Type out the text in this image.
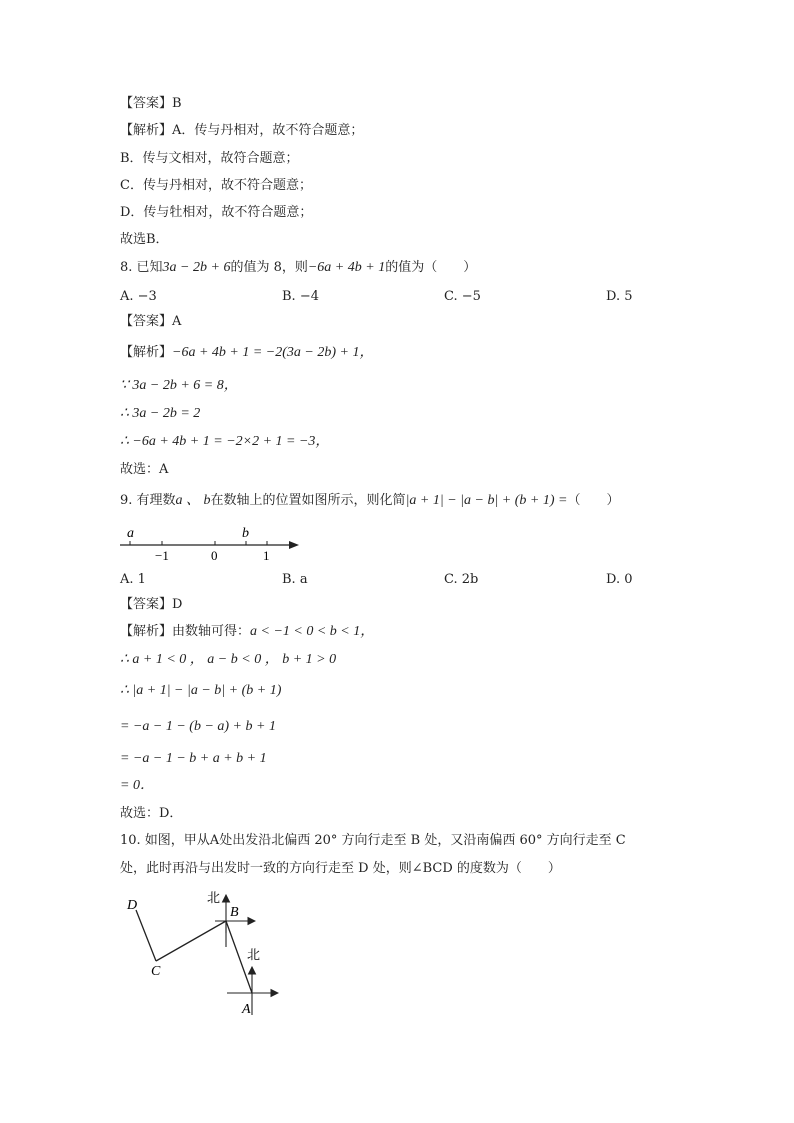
【答案】B
【解析】A．传与丹相对，故不符合题意；
B．传与文相对，故符合题意；
C．传与丹相对，故不符合题意；
D．传与牡相对，故不符合题意；
故选B．
8. 已知3a − 2b + 6的值为 8，则−6a + 4b + 1的值为（　　）
A. −3	B. −4	C. −5	D. 5
【答案】A
【解析】−6a + 4b + 1 = −2(3a − 2b) + 1，
∵ 3a − 2b + 6 = 8，
∴ 3a − 2b = 2
∴ −6a + 4b + 1 = −2×2 + 1 = −3，
故选：A
9. 有理数a 、 b在数轴上的位置如图所示，则化简|a + 1| − |a − b| + (b + 1) =（　　）
a	b
−1	0	1
A. 1	B. a	C. 2b	D. 0
【答案】D
【解析】由数轴可得：a < −1 < 0 < b < 1，
∴ a + 1 < 0 ， a − b < 0 ， b + 1 > 0
∴ |a + 1| − |a − b| + (b + 1)
= −a − 1 − (b − a) + b + 1
= −a − 1 − b + a + b + 1
= 0．
故选：D．
10. 如图，甲从A处出发沿北偏西 20° 方向行走至 B 处，又沿南偏西 60° 方向行走至 C
处，此时再沿与出发时一致的方向行走至 D 处，则∠BCD 的度数为（　　）
北
北
B
A
C
D
